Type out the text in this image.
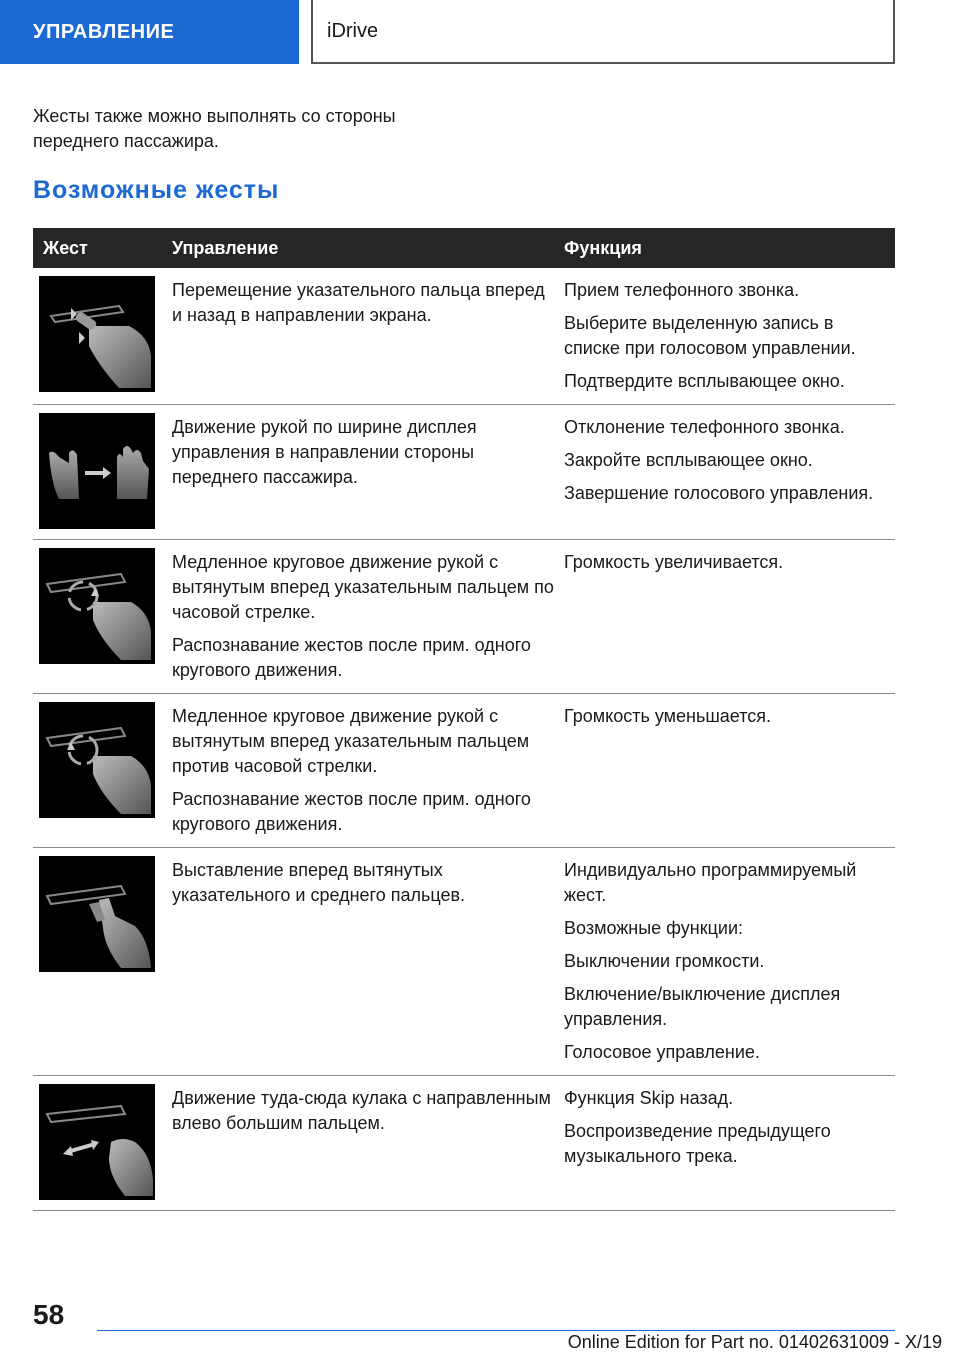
УПРАВЛЕНИЕ	iDrive

Жесты также можно выполнять со стороны переднего пассажира.

Возможные жесты
Жест	Управление	Функция

Перемещение указательного пальца вперед и назад в направлении экрана.	Прием телефонного звонка.

Выберите выделенную запись в списке при голосовом управлении.

Подтвердите всплывающее окно.

Движение рукой по ширине дисплея управления в направлении стороны переднего пассажира.	Отклонение телефонного звонка.

Закройте всплывающее окно.

Завершение голосового управления.

Медленное круговое движение рукой с вытянутым вперед указательным пальцем по часовой стрелке.

Распознавание жестов после прим. одного кругового движения.	Громкость увеличивается.

Медленное круговое движение рукой с вытянутым вперед указательным пальцем против часовой стрелки.

Распознавание жестов после прим. одного кругового движения.	Громкость уменьшается.

Выставление вперед вытянутых указательного и среднего пальцев.	Индивидуально программируемый жест.

Возможные функции:

Выключении громкости.

Включение/выключение дисплея управления.

Голосовое управление.

Движение туда-сюда кулака с направленным влево большим пальцем.	Функция Skip назад.

Воспроизведение предыдущего музыкального трека.

58

Online Edition for Part no. 01402631009 - X/19
